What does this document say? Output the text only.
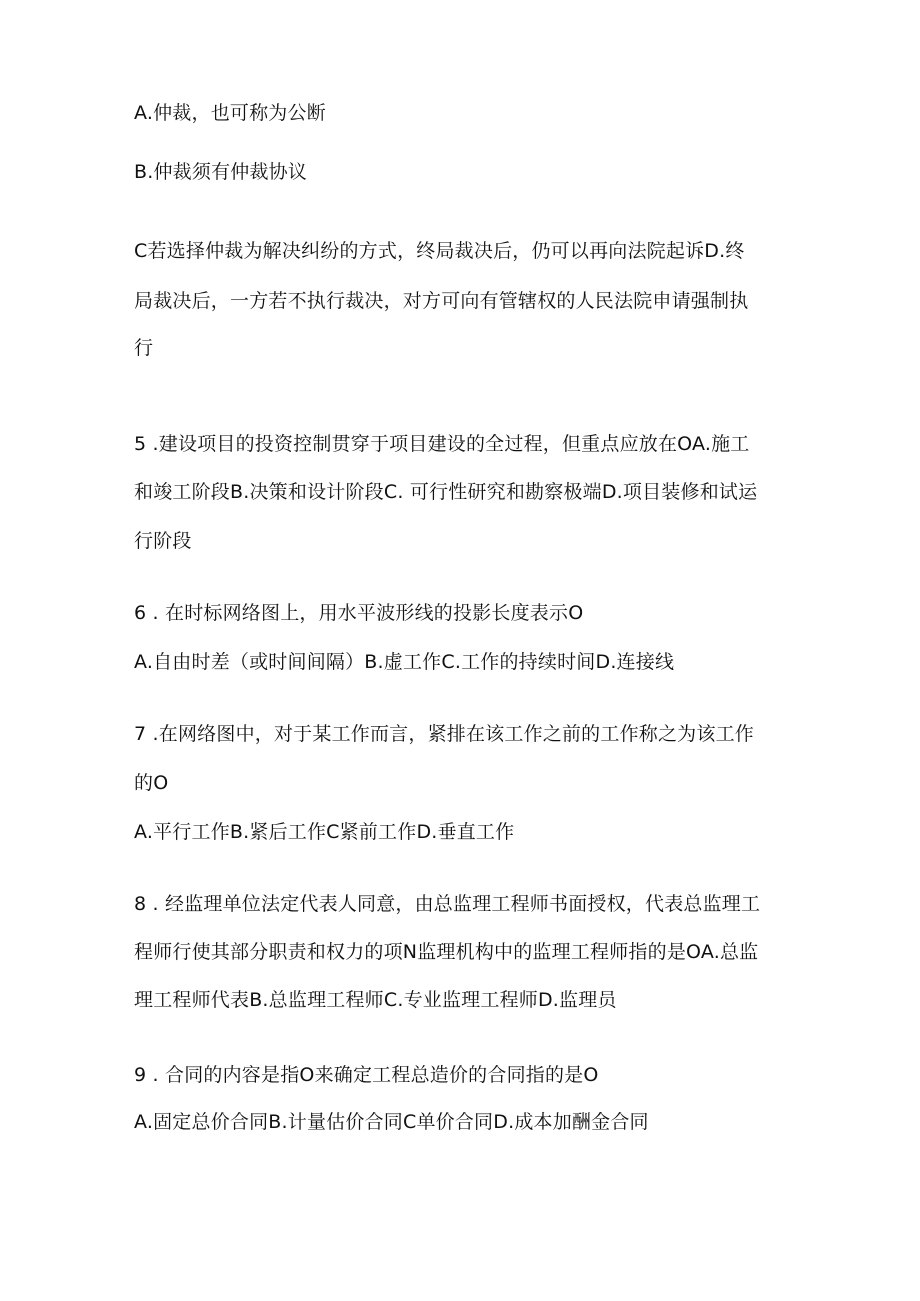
A.仲裁，也可称为公断
B.仲裁须有仲裁协议
C若选择仲裁为解决纠纷的方式，终局裁决后，仍可以再向法院起诉D.终
局裁决后，一方若不执行裁决，对方可向有管辖权的人民法院申请强制执
行
5 .建设项目的投资控制贯穿于项目建设的全过程，但重点应放在OA.施工
和竣工阶段B.决策和设计阶段C. 可行性研究和勘察极端D.项目装修和试运
行阶段
6 . 在时标网络图上，用水平波形线的投影长度表示O
A.自由时差（或时间间隔）B.虚工作C.工作的持续时间D.连接线
7 .在网络图中，对于某工作而言，紧排在该工作之前的工作称之为该工作
的O
A.平行工作B.紧后工作C紧前工作D.垂直工作
8 . 经监理单位法定代表人同意，由总监理工程师书面授权，代表总监理工
程师行使其部分职责和权力的项N监理机构中的监理工程师指的是OA.总监
理工程师代表B.总监理工程师C.专业监理工程师D.监理员
9 . 合同的内容是指O来确定工程总造价的合同指的是O
A.固定总价合同B.计量估价合同C单价合同D.成本加酬金合同
